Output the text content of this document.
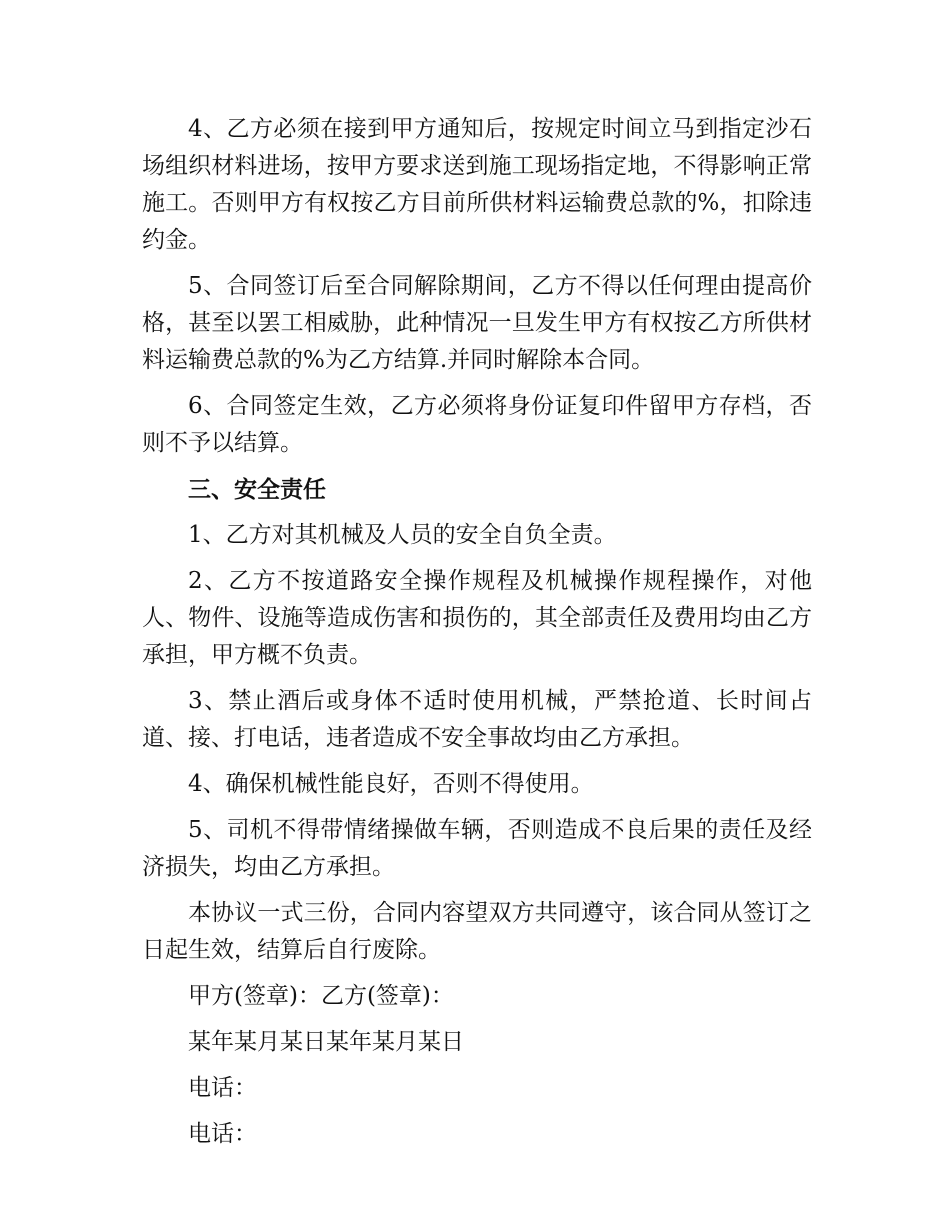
4、乙方必须在接到甲方通知后，按规定时间立马到指定沙石场组织材料进场，按甲方要求送到施工现场指定地，不得影响正常施工。否则甲方有权按乙方目前所供材料运输费总款的%，扣除违约金。

5、合同签订后至合同解除期间，乙方不得以任何理由提高价格，甚至以罢工相威胁，此种情况一旦发生甲方有权按乙方所供材料运输费总款的%为乙方结算.并同时解除本合同。

6、合同签定生效，乙方必须将身份证复印件留甲方存档，否则不予以结算。

三、安全责任

1、乙方对其机械及人员的安全自负全责。

2、乙方不按道路安全操作规程及机械操作规程操作，对他人、物件、设施等造成伤害和损伤的，其全部责任及费用均由乙方承担，甲方概不负责。

3、禁止酒后或身体不适时使用机械，严禁抢道、长时间占道、接、打电话，违者造成不安全事故均由乙方承担。

4、确保机械性能良好，否则不得使用。

5、司机不得带情绪操做车辆，否则造成不良后果的责任及经济损失，均由乙方承担。

本协议一式三份，合同内容望双方共同遵守，该合同从签订之日起生效，结算后自行废除。

甲方(签章)：乙方(签章)：

某年某月某日某年某月某日

电话：

电话：
